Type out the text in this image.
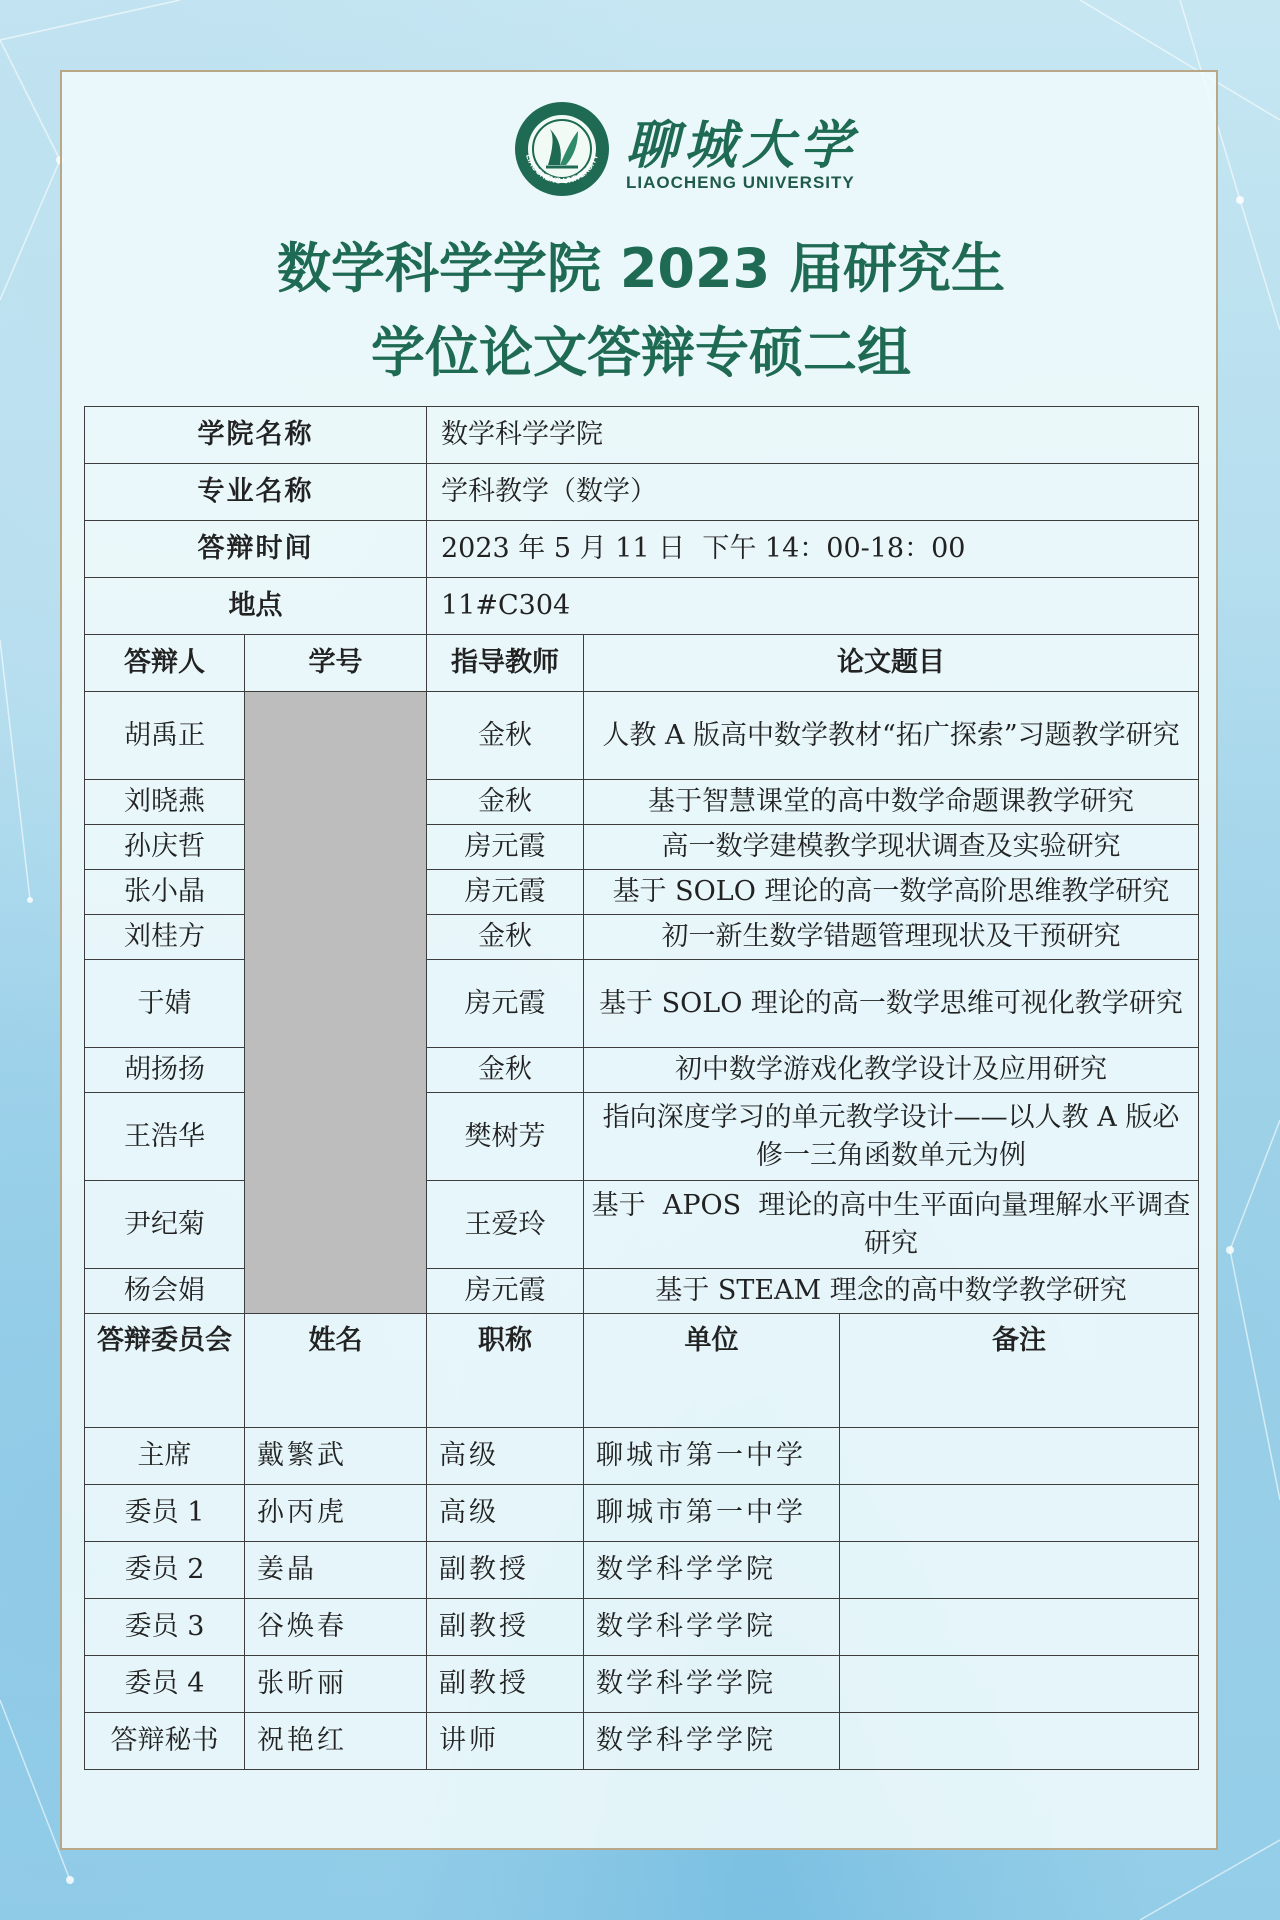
LIAOCHENG UNIVERSITY 聊城大学
LIAOCHENG UNIVERSITY
数学科学学院 2023 届研究生
学位论文答辩专硕二组
学院名称		数学科学学院		
专业名称		学科教学（数学）		
答辩时间		2023 年 5 月 11 日  下午 14：00-18：00		
地点		11#C304		
答辩人	学号	指导教师	论文题目	
胡禹正		金秋	人教 A 版高中数学教材“拓广探索”习题教学研究	
刘晓燕		金秋	基于智慧课堂的高中数学命题课教学研究	
孙庆哲		房元霞	高一数学建模教学现状调查及实验研究	
张小晶		房元霞	基于 SOLO 理论的高一数学高阶思维教学研究	
刘桂方		金秋	初一新生数学错题管理现状及干预研究	
于婧		房元霞	基于 SOLO 理论的高一数学思维可视化教学研究	
胡扬扬		金秋	初中数学游戏化教学设计及应用研究	
王浩华		樊树芳	指向深度学习的单元教学设计——以人教 A 版必修一三角函数单元为例	
尹纪菊		王爱玲	基于  APOS  理论的高中生平面向量理解水平调查研究	
杨会娟		房元霞	基于 STEAM 理念的高中数学教学研究	
答辩委员会	姓名	职称	单位	备注
主席	戴繁武	高级	聊城市第一中学	
委员 1	孙丙虎	高级	聊城市第一中学	
委员 2	姜晶	副教授	数学科学学院	
委员 3	谷焕春	副教授	数学科学学院	
委员 4	张昕丽	副教授	数学科学学院	
答辩秘书	祝艳红	讲师	数学科学学院	
